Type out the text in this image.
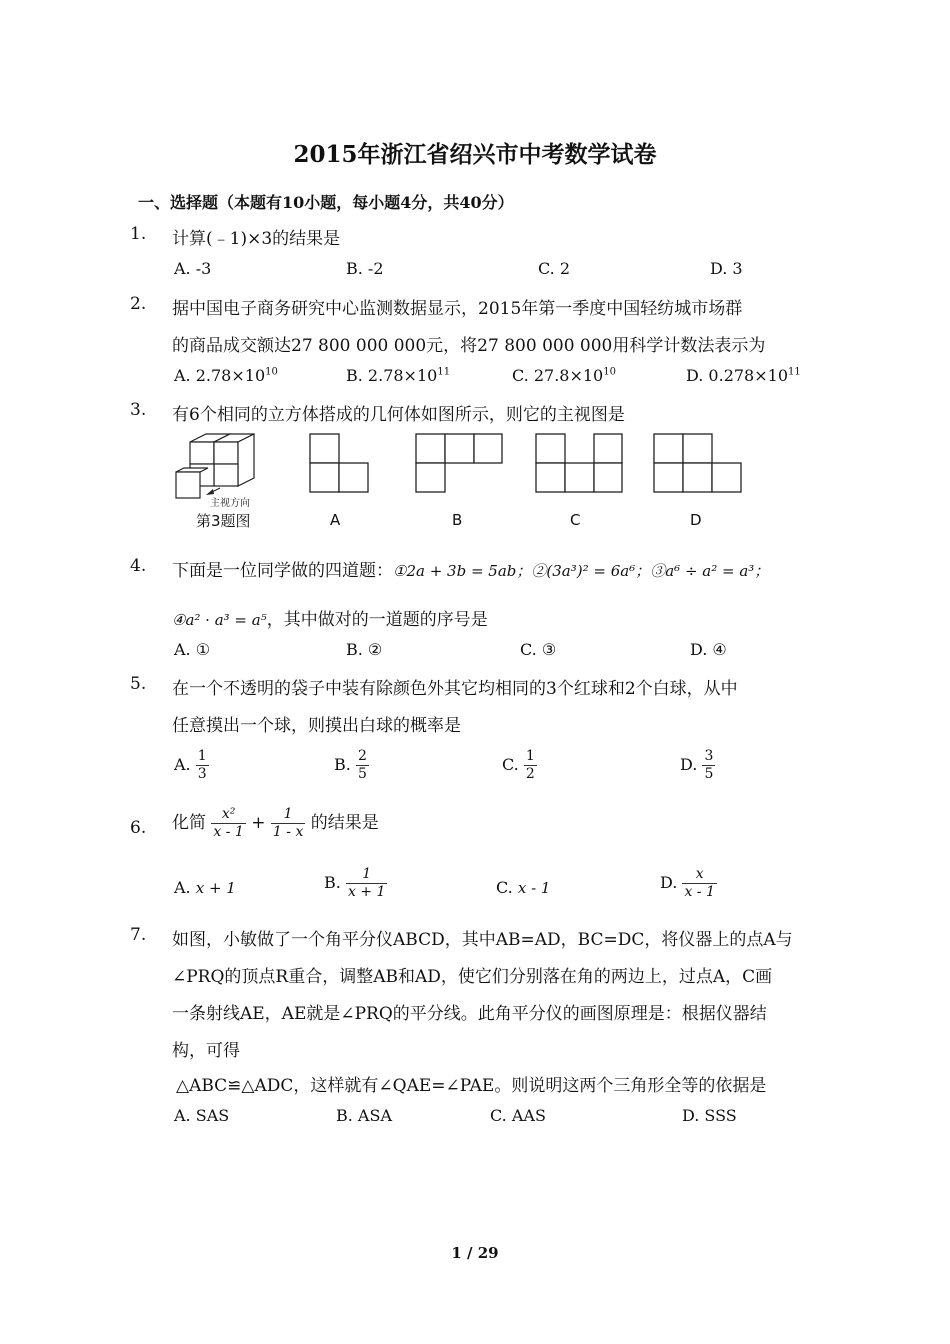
2015年浙江省绍兴市中考数学试卷
一、选择题（本题有10小题，每小题4分，共40分）
1. 计算(﹣1)×3的结果是
A. -3	B. -2	C. 2	D. 3
2. 据中国电子商务研究中心监测数据显示，2015年第一季度中国轻纺城市场群
的商品成交额达27 800 000 000元，将27 800 000 000用科学计数法表示为
A. $2.78\times 10^{10}$	B. $2.78\times 10^{11}$	C. $27.8\times 10^{10}$	D. $0.278\times 10^{11}$
3. 有6个相同的立方体搭成的几何体如图所示，则它的主视图是
主视方向
第3题图	A	B	C	D
4. 下面是一位同学做的四道题：①2a + 3b = 5ab；②(3a³)² = 6a⁶；③a⁶ ÷ a² = a³；
④a² · a³ = a⁵，其中做对的一道题的序号是
A. ①	B. ②	C. ③	D. ④
5. 在一个不透明的袋子中装有除颜色外其它均相同的3个红球和2个白球，从中
任意摸出一个球，则摸出白球的概率是
A. $\frac{1}{3}$	B. $\frac{2}{5}$	C. $\frac{1}{2}$	D. $\frac{3}{5}$
6. 化简 $\frac{\text{x²}}{x - 1} + \frac{1}{1 - x}$ 的结果是
A. x + 1	B. $\frac{1}{x + 1}$	C. x - 1	D. $\frac{x}{x - 1}$
7. 如图，小敏做了一个角平分仪ABCD，其中AB=AD，BC=DC，将仪器上的点A与
∠PRQ的顶点R重合，调整AB和AD，使它们分别落在角的两边上，过点A，C画
一条射线AE，AE就是∠PRQ的平分线。此角平分仪的画图原理是：根据仪器结
构，可得
△ABC≌△ADC，这样就有∠QAE=∠PAE。则说明这两个三角形全等的依据是
A. SAS	B. ASA	C. AAS	D. SSS
1 / 29
